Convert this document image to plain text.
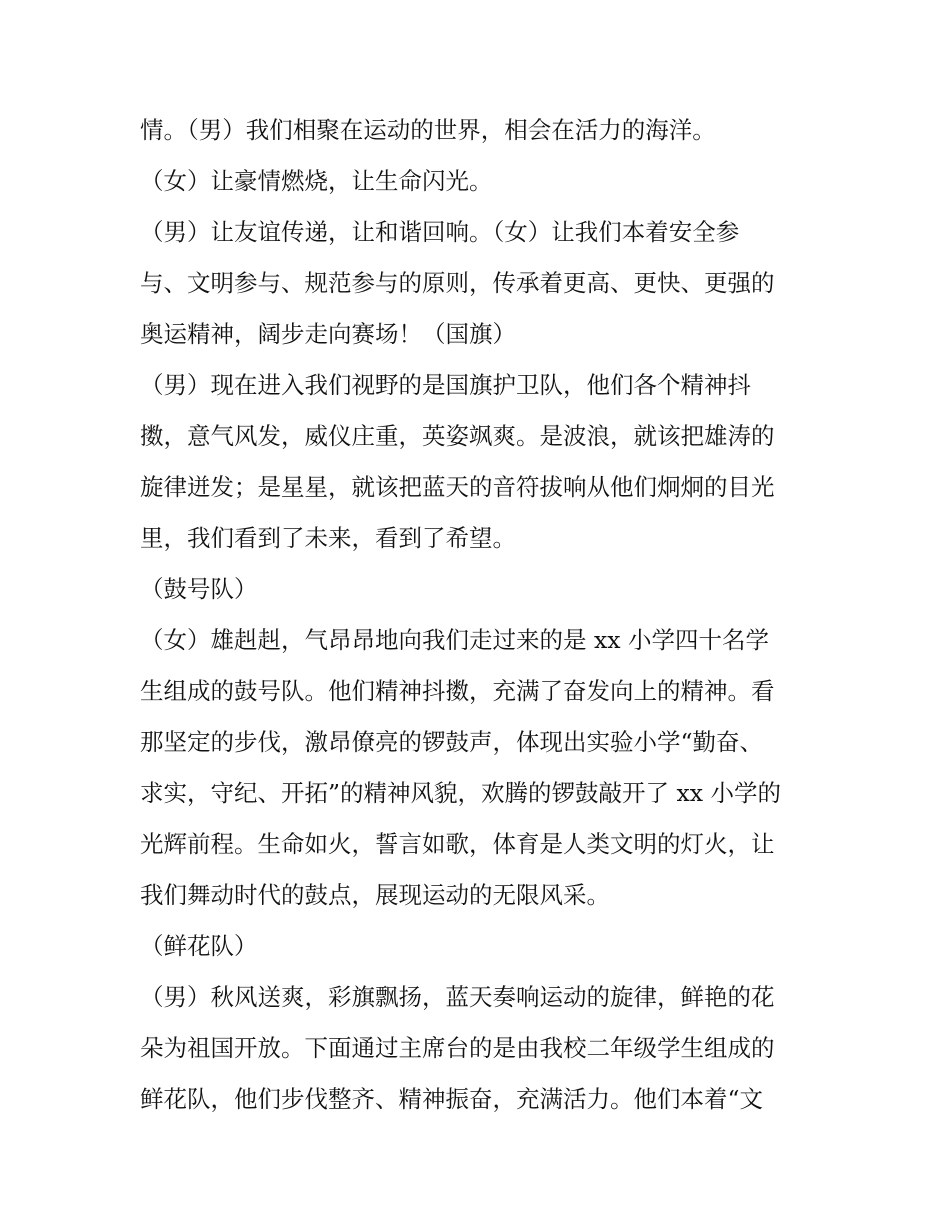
情。（男）我们相聚在运动的世界，相会在活力的海洋。
（女）让豪情燃烧，让生命闪光。
（男）让友谊传递，让和谐回响。（女）让我们本着安全参
与、文明参与、规范参与的原则，传承着更高、更快、更强的
奥运精神，阔步走向赛场！（国旗）
（男）现在进入我们视野的是国旗护卫队，他们各个精神抖
擞，意气风发，威仪庄重，英姿飒爽。是波浪，就该把雄涛的
旋律迸发；是星星，就该把蓝天的音符拔响从他们炯炯的目光
里，我们看到了未来，看到了希望。
（鼓号队）
（女）雄赳赳，气昂昂地向我们走过来的是 xx 小学四十名学
生组成的鼓号队。他们精神抖擞，充满了奋发向上的精神。看
那坚定的步伐，激昂僚亮的锣鼓声，体现出实验小学“勤奋、
求实，守纪、开拓”的精神风貌，欢腾的锣鼓敲开了 xx 小学的
光辉前程。生命如火，誓言如歌，体育是人类文明的灯火，让
我们舞动时代的鼓点，展现运动的无限风采。
（鲜花队）
（男）秋风送爽，彩旗飘扬，蓝天奏响运动的旋律，鲜艳的花
朵为祖国开放。下面通过主席台的是由我校二年级学生组成的
鲜花队，他们步伐整齐、精神振奋，充满活力。他们本着“文
